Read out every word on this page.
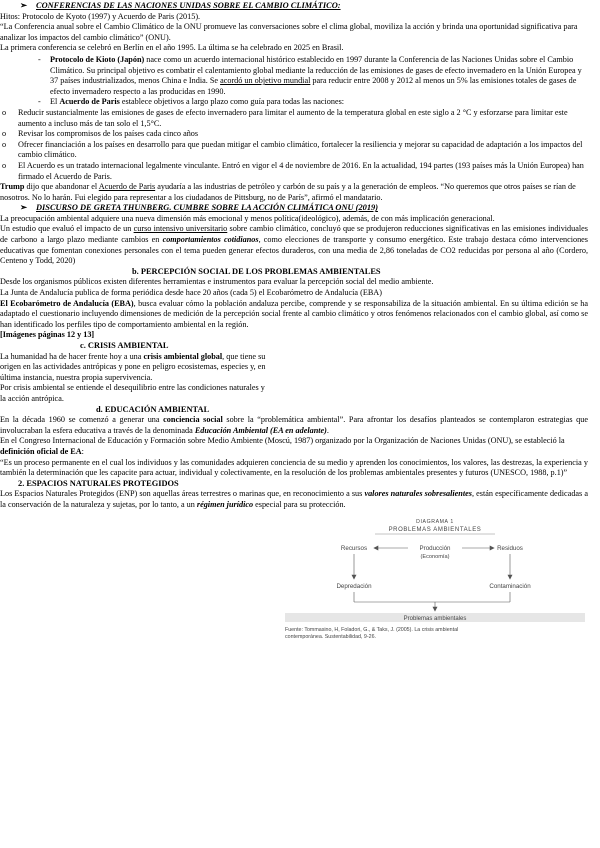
➢ CONFERENCIAS DE LAS NACIONES UNIDAS SOBRE EL CAMBIO CLIMÁTICO:
Hitos: Protocolo de Kyoto (1997) y Acuerdo de Paris (2015).
“La Conferencia anual sobre el Cambio Climático de la ONU promueve las conversaciones sobre el clima global, moviliza la acción y brinda una oportunidad significativa para analizar los impactos del cambio climático” (ONU).
La primera conferencia se celebró en Berlín en el año 1995. La última se ha celebrado en 2025 en Brasil.
- Protocolo de Kioto (Japón) nace como un acuerdo internacional histórico establecido en 1997 durante la Conferencia de las Naciones Unidas sobre el Cambio Climático. Su principal objetivo es combatir el calentamiento global mediante la reducción de las emisiones de gases de efecto invernadero en la Unión Europea y 37 países industrializados, menos China e India. Se acordó un objetivo mundial para reducir entre 2008 y 2012 al menos un 5% las emisiones totales de gases de efecto invernadero respecto a las producidas en 1990.
- El Acuerdo de Paris establece objetivos a largo plazo como guía para todas las naciones:
o Reducir sustancialmente las emisiones de gases de efecto invernadero para limitar el aumento de la temperatura global en este siglo a 2 °C y esforzarse para limitar este aumento a incluso más de tan solo el 1,5°C.
o Revisar los compromisos de los países cada cinco años
o Ofrecer financiación a los países en desarrollo para que puedan mitigar el cambio climático, fortalecer la resiliencia y mejorar su capacidad de adaptación a los impactos del cambio climático.
o El Acuerdo es un tratado internacional legalmente vinculante. Entró en vigor el 4 de noviembre de 2016. En la actualidad, 194 partes (193 países más la Unión Europea) han firmado el Acuerdo de Paris.
Trump dijo que abandonar el Acuerdo de Paris ayudaría a las industrias de petróleo y carbón de su país y a la generación de empleos. “No queremos que otros países se rían de nosotros. No lo harán. Fui elegido para representar a los ciudadanos de Pittsburg, no de París”, afirmó el mandatario.
➢ DISCURSO DE GRETA THUNBERG. CUMBRE SOBRE LA ACCIÓN CLIMÁTICA ONU (2019)
La preocupación ambiental adquiere una nueva dimensión más emocional y menos política(ideológico), además, de con más implicación generacional.
Un estudio que evaluó el impacto de un curso intensivo universitario sobre cambio climático, concluyó que se produjeron reducciones significativas en las emisiones individuales de carbono a largo plazo mediante cambios en comportamientos cotidianos, como elecciones de transporte y consumo energético. Este trabajo destaca cómo intervenciones educativas que fomentan conexiones personales con el tema pueden generar efectos duraderos, con una media de 2,86 toneladas de CO2 reducidas por persona al año (Cordero, Centeno y Todd, 2020)
b. PERCEPCIÓN SOCIAL DE LOS PROBLEMAS AMBIENTALES
Desde los organismos públicos existen diferentes herramientas e instrumentos para evaluar la percepción social del medio ambiente.
La Junta de Andalucía publica de forma periódica desde hace 20 años (cada 5) el Ecobarómetro de Andalucía (EBA)
El Ecobarómetro de Andalucía (EBA), busca evaluar cómo la población andaluza percibe, comprende y se responsabiliza de la situación ambiental. En su última edición se ha adaptado el cuestionario incluyendo dimensiones de medición de la percepción social frente al cambio climático y otros fenómenos relacionados con el cambio global, así como se han identificado los perfiles tipo de comportamiento ambiental en la región.
[Imágenes páginas 12 y 13]
c. CRISIS AMBIENTAL
La humanidad ha de hacer frente hoy a una crisis ambiental global, que tiene su origen en las actividades antrópicas y pone en peligro ecosistemas, especies y, en última instancia, nuestra propia supervivencia.
Por crisis ambiental se entiende el desequilibrio entre las condiciones naturales y la acción antrópica.
d. EDUCACIÓN AMBIENTAL
En la década 1960 se comenzó a generar una conciencia social sobre la “problemática ambiental”. Para afrontar los desafíos planteados se contemplaron estrategias que involucraban la esfera educativa a través de la denominada Educación Ambiental (EA en adelante).
En el Congreso Internacional de Educación y Formación sobre Medio Ambiente (Moscú, 1987) organizado por la Organización de Naciones Unidas (ONU), se estableció la definición oficial de EA:
“Es un proceso permanente en el cual los individuos y las comunidades adquieren conciencia de su medio y aprenden los conocimientos, los valores, las destrezas, la experiencia y también la determinación que les capacite para actuar, individual y colectivamente, en la resolución de los problemas ambientales presentes y futuros (UNESCO, 1988, p.1)”
2. ESPACIOS NATURALES PROTEGIDOS
Los Espacios Naturales Protegidos (ENP) son aquellas áreas terrestres o marinas que, en reconocimiento a sus valores naturales sobresalientes, están específicamente dedicadas a la conservación de la naturaleza y sujetas, por lo tanto, a un régimen jurídico especial para su protección.
DIAGRAMA 1
PROBLEMAS AMBIENTALES
Recursos	Producción
(Economía)
Residuos
Depredación	Contaminación
Problemas ambientales
Fuente: Tommasino, H, Foladori, G., & Taks, J. (2005). La crisis ambiental
contemporánea. Sustentabilidad, 9-26.
